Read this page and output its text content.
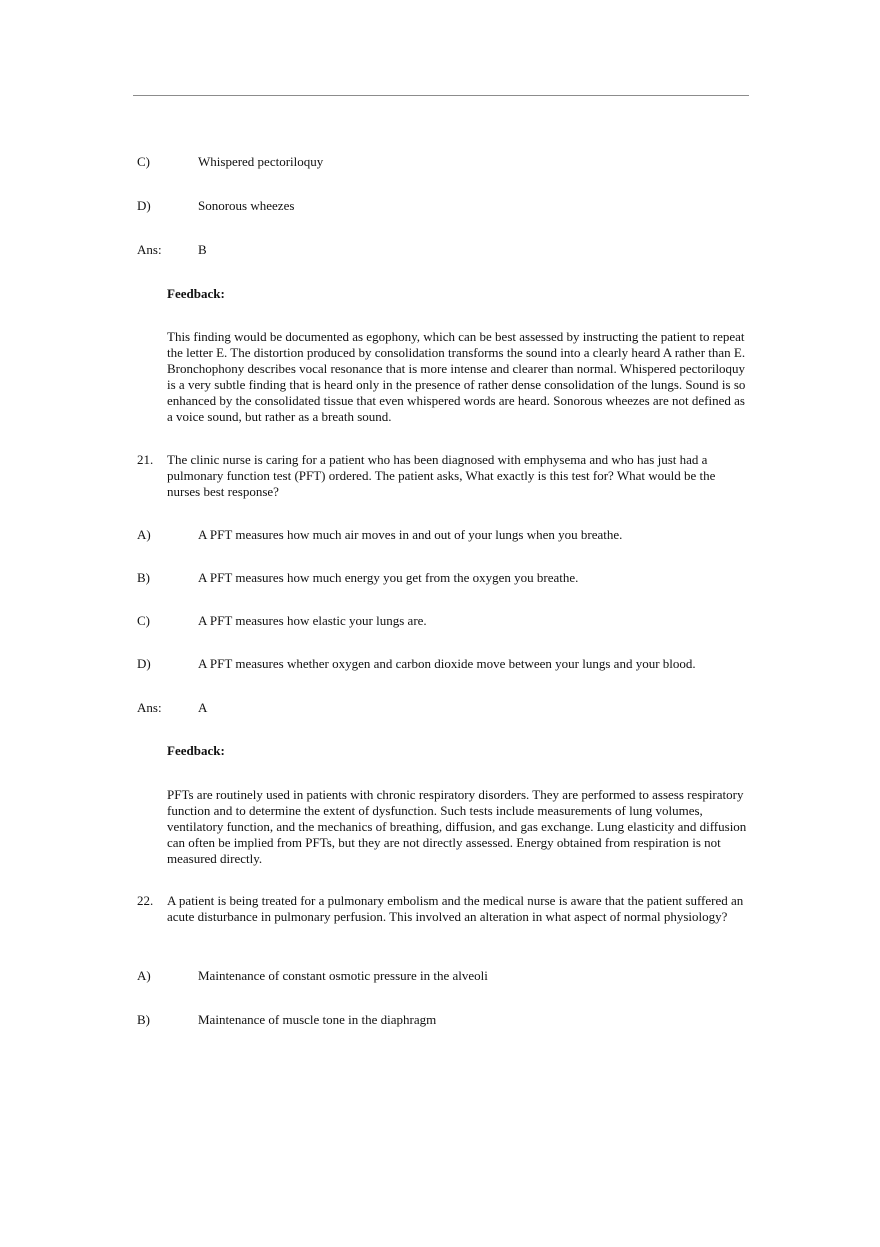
C)	Whispered pectoriloquy

D)	Sonorous wheezes

Ans:	B

Feedback:

This finding would be documented as egophony, which can be best assessed by instructing the patient to repeat the letter E. The distortion produced by consolidation transforms the sound into a clearly heard A rather than E. Bronchophony describes vocal resonance that is more intense and clearer than normal. Whispered pectoriloquy is a very subtle finding that is heard only in the presence of rather dense consolidation of the lungs. Sound is so enhanced by the consolidated tissue that even whispered words are heard. Sonorous wheezes are not defined as a voice sound, but rather as a breath sound.

21. The clinic nurse is caring for a patient who has been diagnosed with emphysema and who has just had a pulmonary function test (PFT) ordered. The patient asks, What exactly is this test for? What would be the nurses best response?

A)	A PFT measures how much air moves in and out of your lungs when you breathe.

B)	A PFT measures how much energy you get from the oxygen you breathe.

C)	A PFT measures how elastic your lungs are.

D)	A PFT measures whether oxygen and carbon dioxide move between your lungs and your blood.

Ans:	A

Feedback:

PFTs are routinely used in patients with chronic respiratory disorders. They are performed to assess respiratory function and to determine the extent of dysfunction. Such tests include measurements of lung volumes, ventilatory function, and the mechanics of breathing, diffusion, and gas exchange. Lung elasticity and diffusion can often be implied from PFTs, but they are not directly assessed. Energy obtained from respiration is not measured directly.

22. A patient is being treated for a pulmonary embolism and the medical nurse is aware that the patient suffered an acute disturbance in pulmonary perfusion. This involved an alteration in what aspect of normal physiology?

A)	Maintenance of constant osmotic pressure in the alveoli

B)	Maintenance of muscle tone in the diaphragm
